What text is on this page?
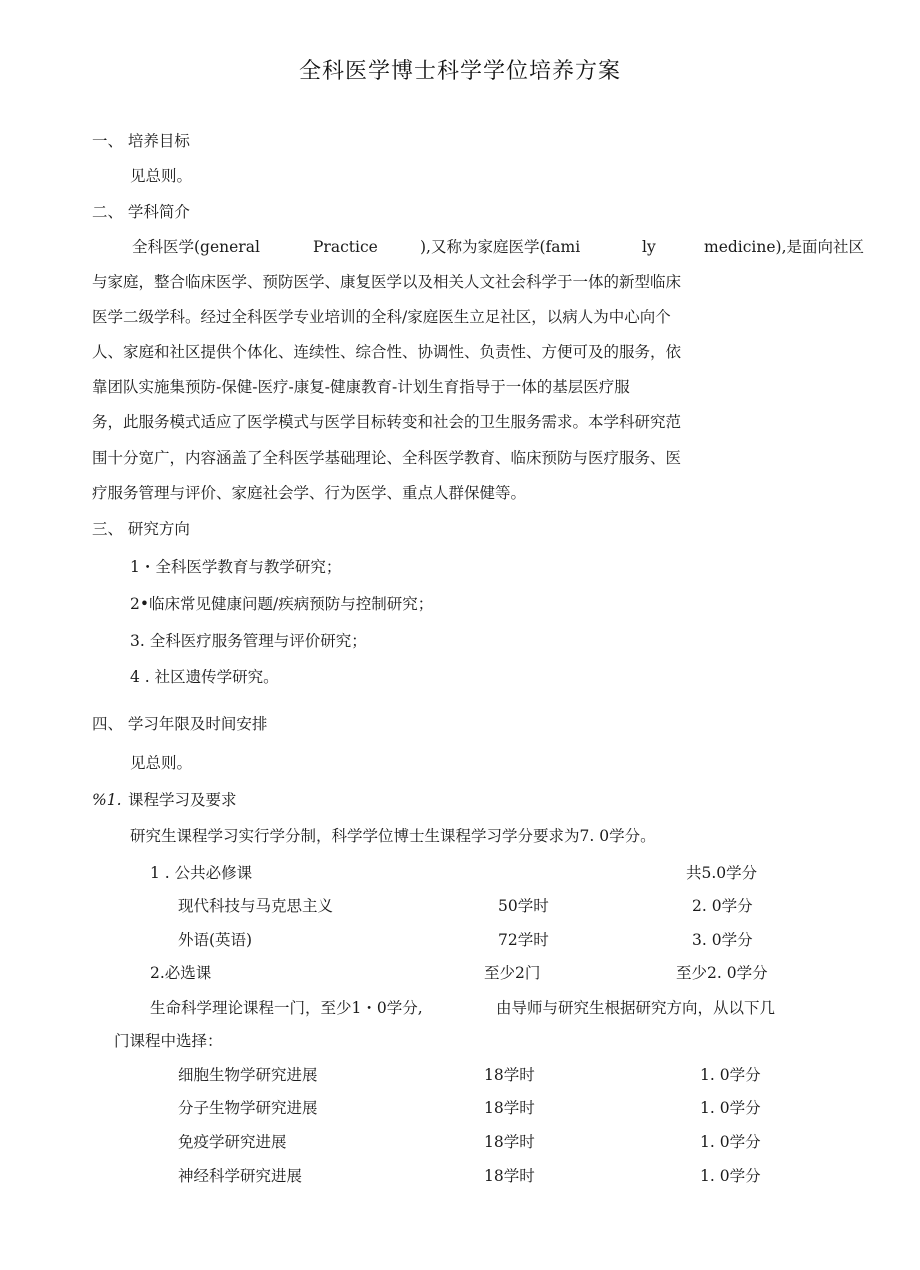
全科医学博士科学学位培养方案
一、 培养目标
见总则。
二、 学科简介
全科医学(general	Practice	),又称为家庭医学(fami	ly	medicine),是面向社区
与家庭，整合临床医学、预防医学、康复医学以及相关人文社会科学于一体的新型临床
医学二级学科。经过全科医学专业培训的全科/家庭医生立足社区，以病人为中心向个
人、家庭和社区提供个体化、连续性、综合性、协调性、负责性、方便可及的服务，依
靠团队实施集预防-保健-医疗-康复-健康教育-计划生育指导于一体的基层医疗服
务，此服务模式适应了医学模式与医学目标转变和社会的卫生服务需求。本学科研究范
围十分宽广，内容涵盖了全科医学基础理论、全科医学教育、临床预防与医疗服务、医
疗服务管理与评价、家庭社会学、行为医学、重点人群保健等。
三、 研究方向
1・全科医学教育与教学研究；
2•临床常见健康问题/疾病预防与控制研究；
3. 全科医疗服务管理与评价研究；
4 . 社区遗传学研究。
四、 学习年限及时间安排
见总则。
%1. 课程学习及要求
研究生课程学习实行学分制，科学学位博士生课程学习学分要求为7. 0学分。
1 . 公共必修课	共5.0学分
现代科技与马克思主义	50学时	2. 0学分
外语(英语)	72学时	3. 0学分
2.必选课	至少2门	至少2. 0学分
生命科学理论课程一门，至少1・0学分,	由导师与研究生根据研究方向，从以下几
门课程中选择：
细胞生物学研究进展	18学时	1. 0学分
分子生物学研究进展	18学时	1. 0学分
免疫学研究进展	18学时	1. 0学分
神经科学研究进展	18学时	1. 0学分
